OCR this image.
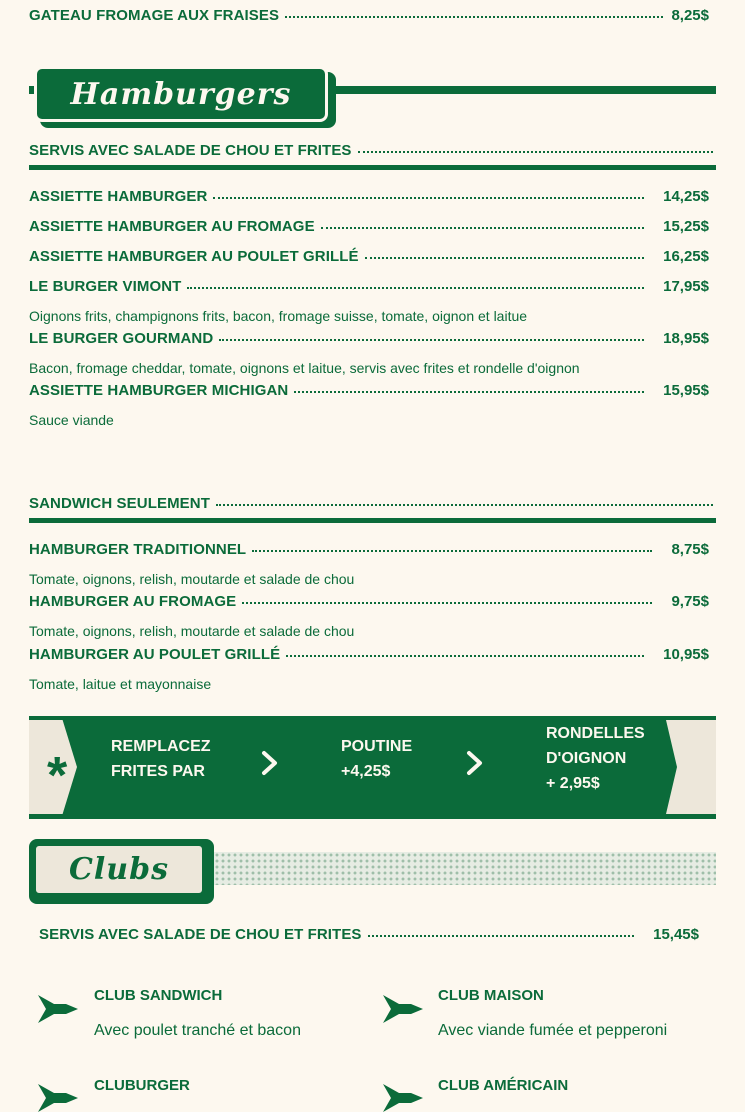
GATEAU FROMAGE AUX FRAISES	8,25$
Hamburgers
SERVIS AVEC SALADE DE CHOU ET FRITES
ASSIETTE HAMBURGER	14,25$
ASSIETTE HAMBURGER AU FROMAGE	15,25$
ASSIETTE HAMBURGER AU POULET GRILLÉ	16,25$
LE BURGER VIMONT	17,95$
Oignons frits, champignons frits, bacon, fromage suisse, tomate, oignon et laitue
LE BURGER GOURMAND	18,95$
Bacon, fromage cheddar, tomate, oignons et laitue, servis avec frites et rondelle d'oignon
ASSIETTE HAMBURGER MICHIGAN	15,95$
Sauce viande
SANDWICH SEULEMENT
HAMBURGER TRADITIONNEL	8,75$
Tomate, oignons, relish, moutarde et salade de chou
HAMBURGER AU FROMAGE	9,75$
Tomate, oignons, relish, moutarde et salade de chou
HAMBURGER AU POULET GRILLÉ	10,95$
Tomate, laitue et mayonnaise
*
REMPLACEZ
FRITES PAR
POUTINE
+4,25$
RONDELLES
D'OIGNON
+ 2,95$
Clubs
SERVIS AVEC SALADE DE CHOU ET FRITES	15,45$
CLUB SANDWICH
Avec poulet tranché et bacon
CLUB MAISON
Avec viande fumée et pepperoni
CLUBURGER	CLUB AMÉRICAIN
